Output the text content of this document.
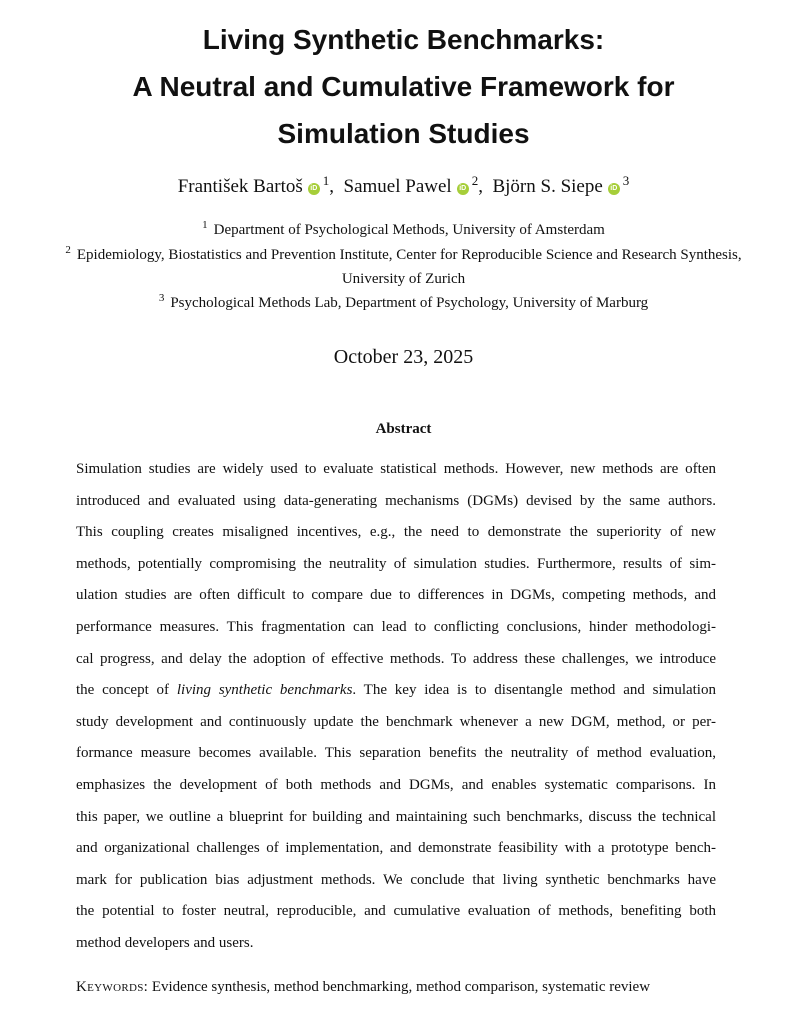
Living Synthetic Benchmarks:
A Neutral and Cumulative Framework for
Simulation Studies
František Bartoš $iD^1$, Samuel Pawel $iD^2$, Björn S. Siepe $iD^3$
$^1$ Department of Psychological Methods, University of Amsterdam
$^2$ Epidemiology, Biostatistics and Prevention Institute, Center for Reproducible Science and Research Synthesis,
University of Zurich
$^3$ Psychological Methods Lab, Department of Psychology, University of Marburg
October 23, 2025
Abstract
Simulation studies are widely used to evaluate statistical methods. However, new methods are often
introduced and evaluated using data-generating mechanisms (DGMs) devised by the same authors.
This coupling creates misaligned incentives, e.g., the need to demonstrate the superiority of new
methods, potentially compromising the neutrality of simulation studies. Furthermore, results of sim-
ulation studies are often difficult to compare due to differences in DGMs, competing methods, and
performance measures. This fragmentation can lead to conflicting conclusions, hinder methodologi-
cal progress, and delay the adoption of effective methods. To address these challenges, we introduce
the concept of living synthetic benchmarks. The key idea is to disentangle method and simulation
study development and continuously update the benchmark whenever a new DGM, method, or per-
formance measure becomes available. This separation benefits the neutrality of method evaluation,
emphasizes the development of both methods and DGMs, and enables systematic comparisons. In
this paper, we outline a blueprint for building and maintaining such benchmarks, discuss the technical
and organizational challenges of implementation, and demonstrate feasibility with a prototype bench-
mark for publication bias adjustment methods. We conclude that living synthetic benchmarks have
the potential to foster neutral, reproducible, and cumulative evaluation of methods, benefiting both
method developers and users.
Keywords: Evidence synthesis, method benchmarking, method comparison, systematic review
